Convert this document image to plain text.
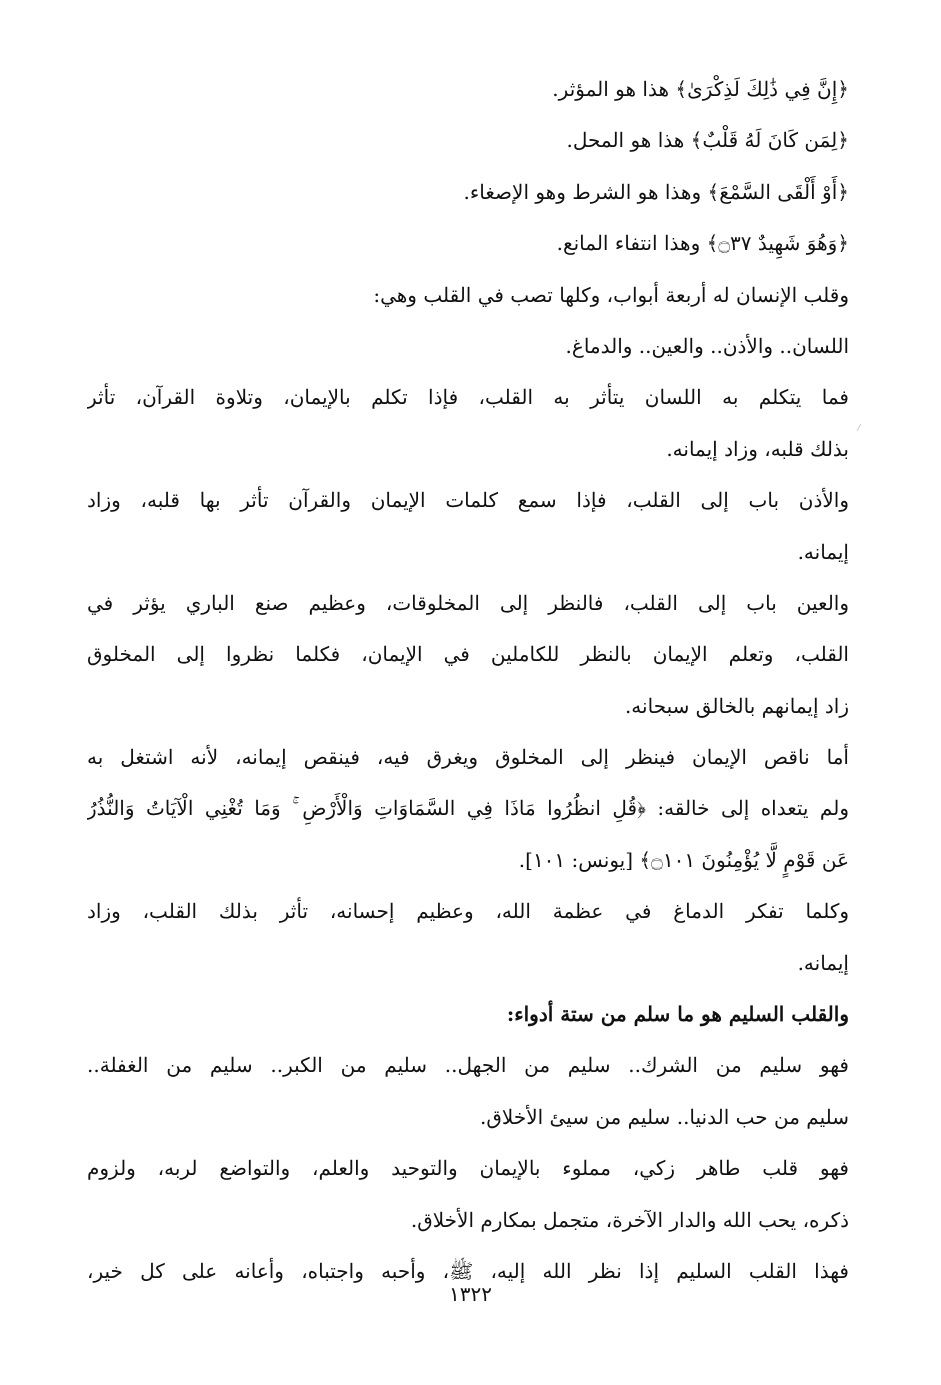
﴿إِنَّ فِي ذَٰلِكَ لَذِكْرَىٰ﴾ هذا هو المؤثر.
﴿لِمَن كَانَ لَهُ قَلْبٌ﴾ هذا هو المحل.
﴿أَوْ أَلْقَى السَّمْعَ﴾ وهذا هو الشرط وهو الإصغاء.
﴿وَهُوَ شَهِيدٌ ۝٣٧﴾ وهذا انتفاء المانع.
وقلب الإنسان له أربعة أبواب، وكلها تصب في القلب وهي:
اللسان.. والأذن.. والعين.. والدماغ.
فما يتكلم به اللسان يتأثر به القلب، فإذا تكلم بالإيمان، وتلاوة القرآن، تأثر
بذلك قلبه، وزاد إيمانه.
والأذن باب إلى القلب، فإذا سمع كلمات الإيمان والقرآن تأثر بها قلبه، وزاد
إيمانه.
والعين باب إلى القلب، فالنظر إلى المخلوقات، وعظيم صنع الباري يؤثر في
القلب، وتعلم الإيمان بالنظر للكاملين في الإيمان، فكلما نظروا إلى المخلوق
زاد إيمانهم بالخالق سبحانه.
أما ناقص الإيمان فينظر إلى المخلوق ويغرق فيه، فينقص إيمانه، لأنه اشتغل به
ولم يتعداه إلى خالقه: ﴿قُلِ انظُرُوا مَاذَا فِي السَّمَاوَاتِ وَالْأَرْضِ ۚ وَمَا تُغْنِي الْآيَاتُ وَالنُّذُرُ
عَن قَوْمٍ لَّا يُؤْمِنُونَ ۝١٠١﴾ [يونس: ١٠١].
وكلما تفكر الدماغ في عظمة الله، وعظيم إحسانه، تأثر بذلك القلب، وزاد
إيمانه.
والقلب السليم هو ما سلم من ستة أدواء:
فهو سليم من الشرك.. سليم من الجهل.. سليم من الكبر.. سليم من الغفلة..
سليم من حب الدنيا.. سليم من سيئ الأخلاق.
فهو قلب طاهر زكي، مملوء بالإيمان والتوحيد والعلم، والتواضع لربه، ولزوم
ذكره، يحب الله والدار الآخرة، متجمل بمكارم الأخلاق.
فهذا القلب السليم إذا نظر الله إليه، ﷺ، وأحبه واجتباه، وأعانه على كل خير،
١٣٢٢
